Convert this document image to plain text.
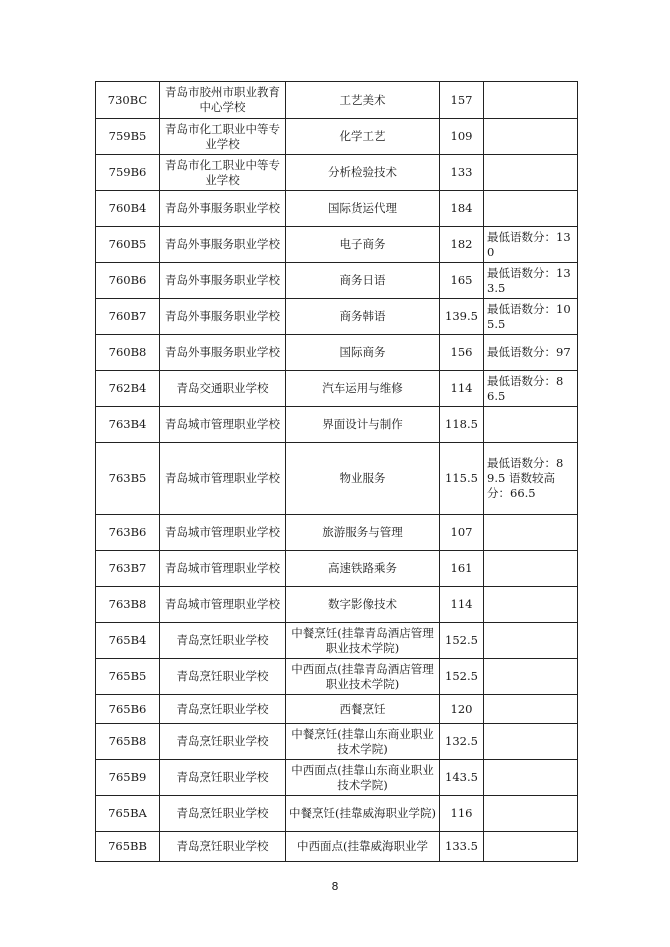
730BC	青岛市胶州市职业教育中心学校	工艺美术	157	
759B5	青岛市化工职业中等专业学校	化学工艺	109	
759B6	青岛市化工职业中等专业学校	分析检验技术	133	
760B4	青岛外事服务职业学校	国际货运代理	184	
760B5	青岛外事服务职业学校	电子商务	182	最低语数分：130
760B6	青岛外事服务职业学校	商务日语	165	最低语数分：133.5
760B7	青岛外事服务职业学校	商务韩语	139.5	最低语数分：105.5
760B8	青岛外事服务职业学校	国际商务	156	最低语数分：97
762B4	青岛交通职业学校	汽车运用与维修	114	最低语数分：86.5
763B4	青岛城市管理职业学校	界面设计与制作	118.5	
763B5	青岛城市管理职业学校	物业服务	115.5	最低语数分：89.5 语数较高分：66.5
763B6	青岛城市管理职业学校	旅游服务与管理	107	
763B7	青岛城市管理职业学校	高速铁路乘务	161	
763B8	青岛城市管理职业学校	数字影像技术	114	
765B4	青岛烹饪职业学校	中餐烹饪(挂靠青岛酒店管理职业技术学院)	152.5	
765B5	青岛烹饪职业学校	中西面点(挂靠青岛酒店管理职业技术学院)	152.5	
765B6	青岛烹饪职业学校	西餐烹饪	120	
765B8	青岛烹饪职业学校	中餐烹饪(挂靠山东商业职业技术学院)	132.5	
765B9	青岛烹饪职业学校	中西面点(挂靠山东商业职业技术学院)	143.5	
765BA	青岛烹饪职业学校	中餐烹饪(挂靠威海职业学院)	116	
765BB	青岛烹饪职业学校	中西面点(挂靠威海职业学	133.5	
8
